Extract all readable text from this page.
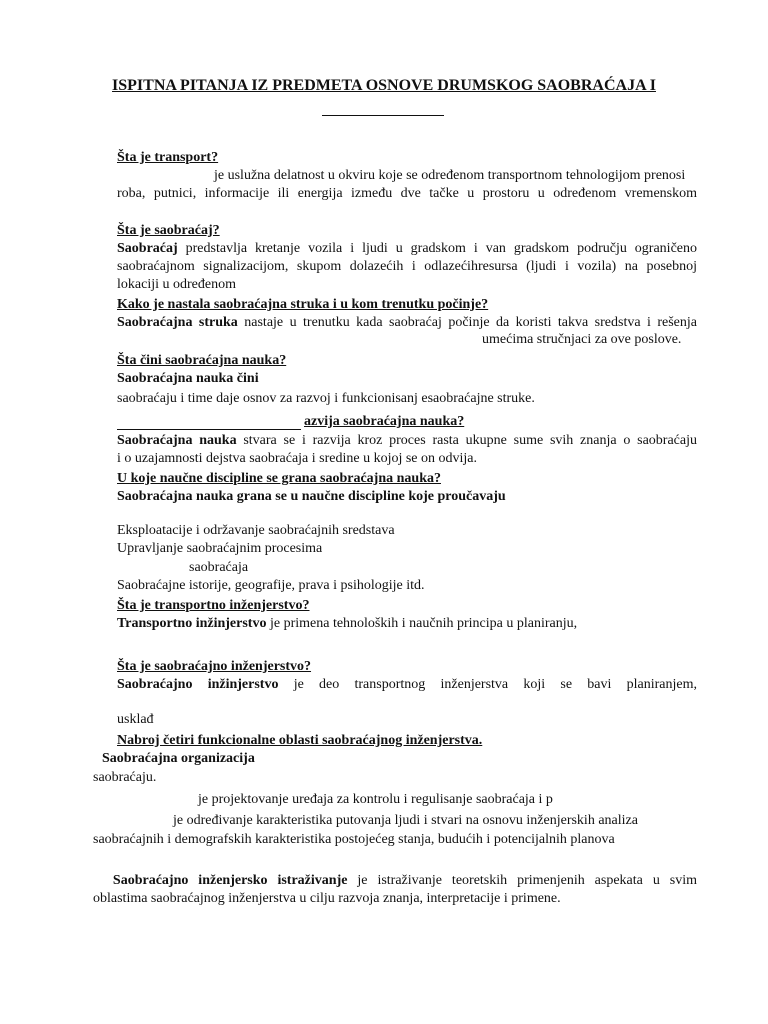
ISPITNA PITANJA IZ PREDMETA OSNOVE DRUMSKOG SAOBRAĆAJA I
Šta je transport?
je uslužna delatnost u okviru koje se određenom transportnom tehnologijom prenosi
roba, putnici, informacije ili energija između dve tačke u prostoru u određenom vremenskom
Šta je saobraćaj?
Saobraćaj predstavlja kretanje vozila i ljudi u gradskom i van gradskom području ograničeno
saobraćajnom signalizacijom, skupom dolazećih i odlazećihresursa (ljudi i vozila) na posebnoj
lokaciji u određenom
Kako je nastala saobraćajna struka i u kom trenutku počinje?
Saobraćajna struka nastaje u trenutku kada saobraćaj počinje da koristi takva sredstva i rešenja
umećima stručnjaci za ove poslove.
Šta čini saobraćajna nauka?
Saobraćajna nauka čini
saobraćaju i time daje osnov za razvoj i funkcionisanj esaobraćajne struke.
azvija saobraćajna nauka?
Saobraćajna nauka stvara se i razvija kroz proces rasta ukupne sume svih znanja o saobraćaju
i o uzajamnosti dejstva saobraćaja i sredine u kojoj se on odvija.
U koje naučne discipline se grana saobraćajna nauka?
Saobraćajna nauka grana se u naučne discipline koje proučavaju
Eksploatacije i održavanje saobraćajnih sredstava
Upravljanje saobraćajnim procesima
saobraćaja
Saobraćajne istorije, geografije, prava i psihologije itd.
Šta je transportno inženjerstvo?
Transportno inžinjerstvo je primena tehnoloških i naučnih principa u planiranju,
Šta je saobraćajno inženjerstvo?
Saobraćajno inžinjerstvo je deo transportnog inženjerstva koji se bavi planiranjem,
usklađ
Nabroj četiri funkcionalne oblasti saobraćajnog inženjerstva.
Saobraćajna organizacija
saobraćaju.
je projektovanje uređaja za kontrolu i regulisanje saobraćaja i p
je određivanje karakteristika putovanja ljudi i stvari na osnovu inženjerskih analiza
saobraćajnih i demografskih karakteristika postojećeg stanja, budućih i potencijalnih planova
Saobraćajno inženjersko istraživanje je istraživanje teoretskih primenjenih aspekata u svim
oblastima saobraćajnog inženjerstva u cilju razvoja znanja, interpretacije i primene.
